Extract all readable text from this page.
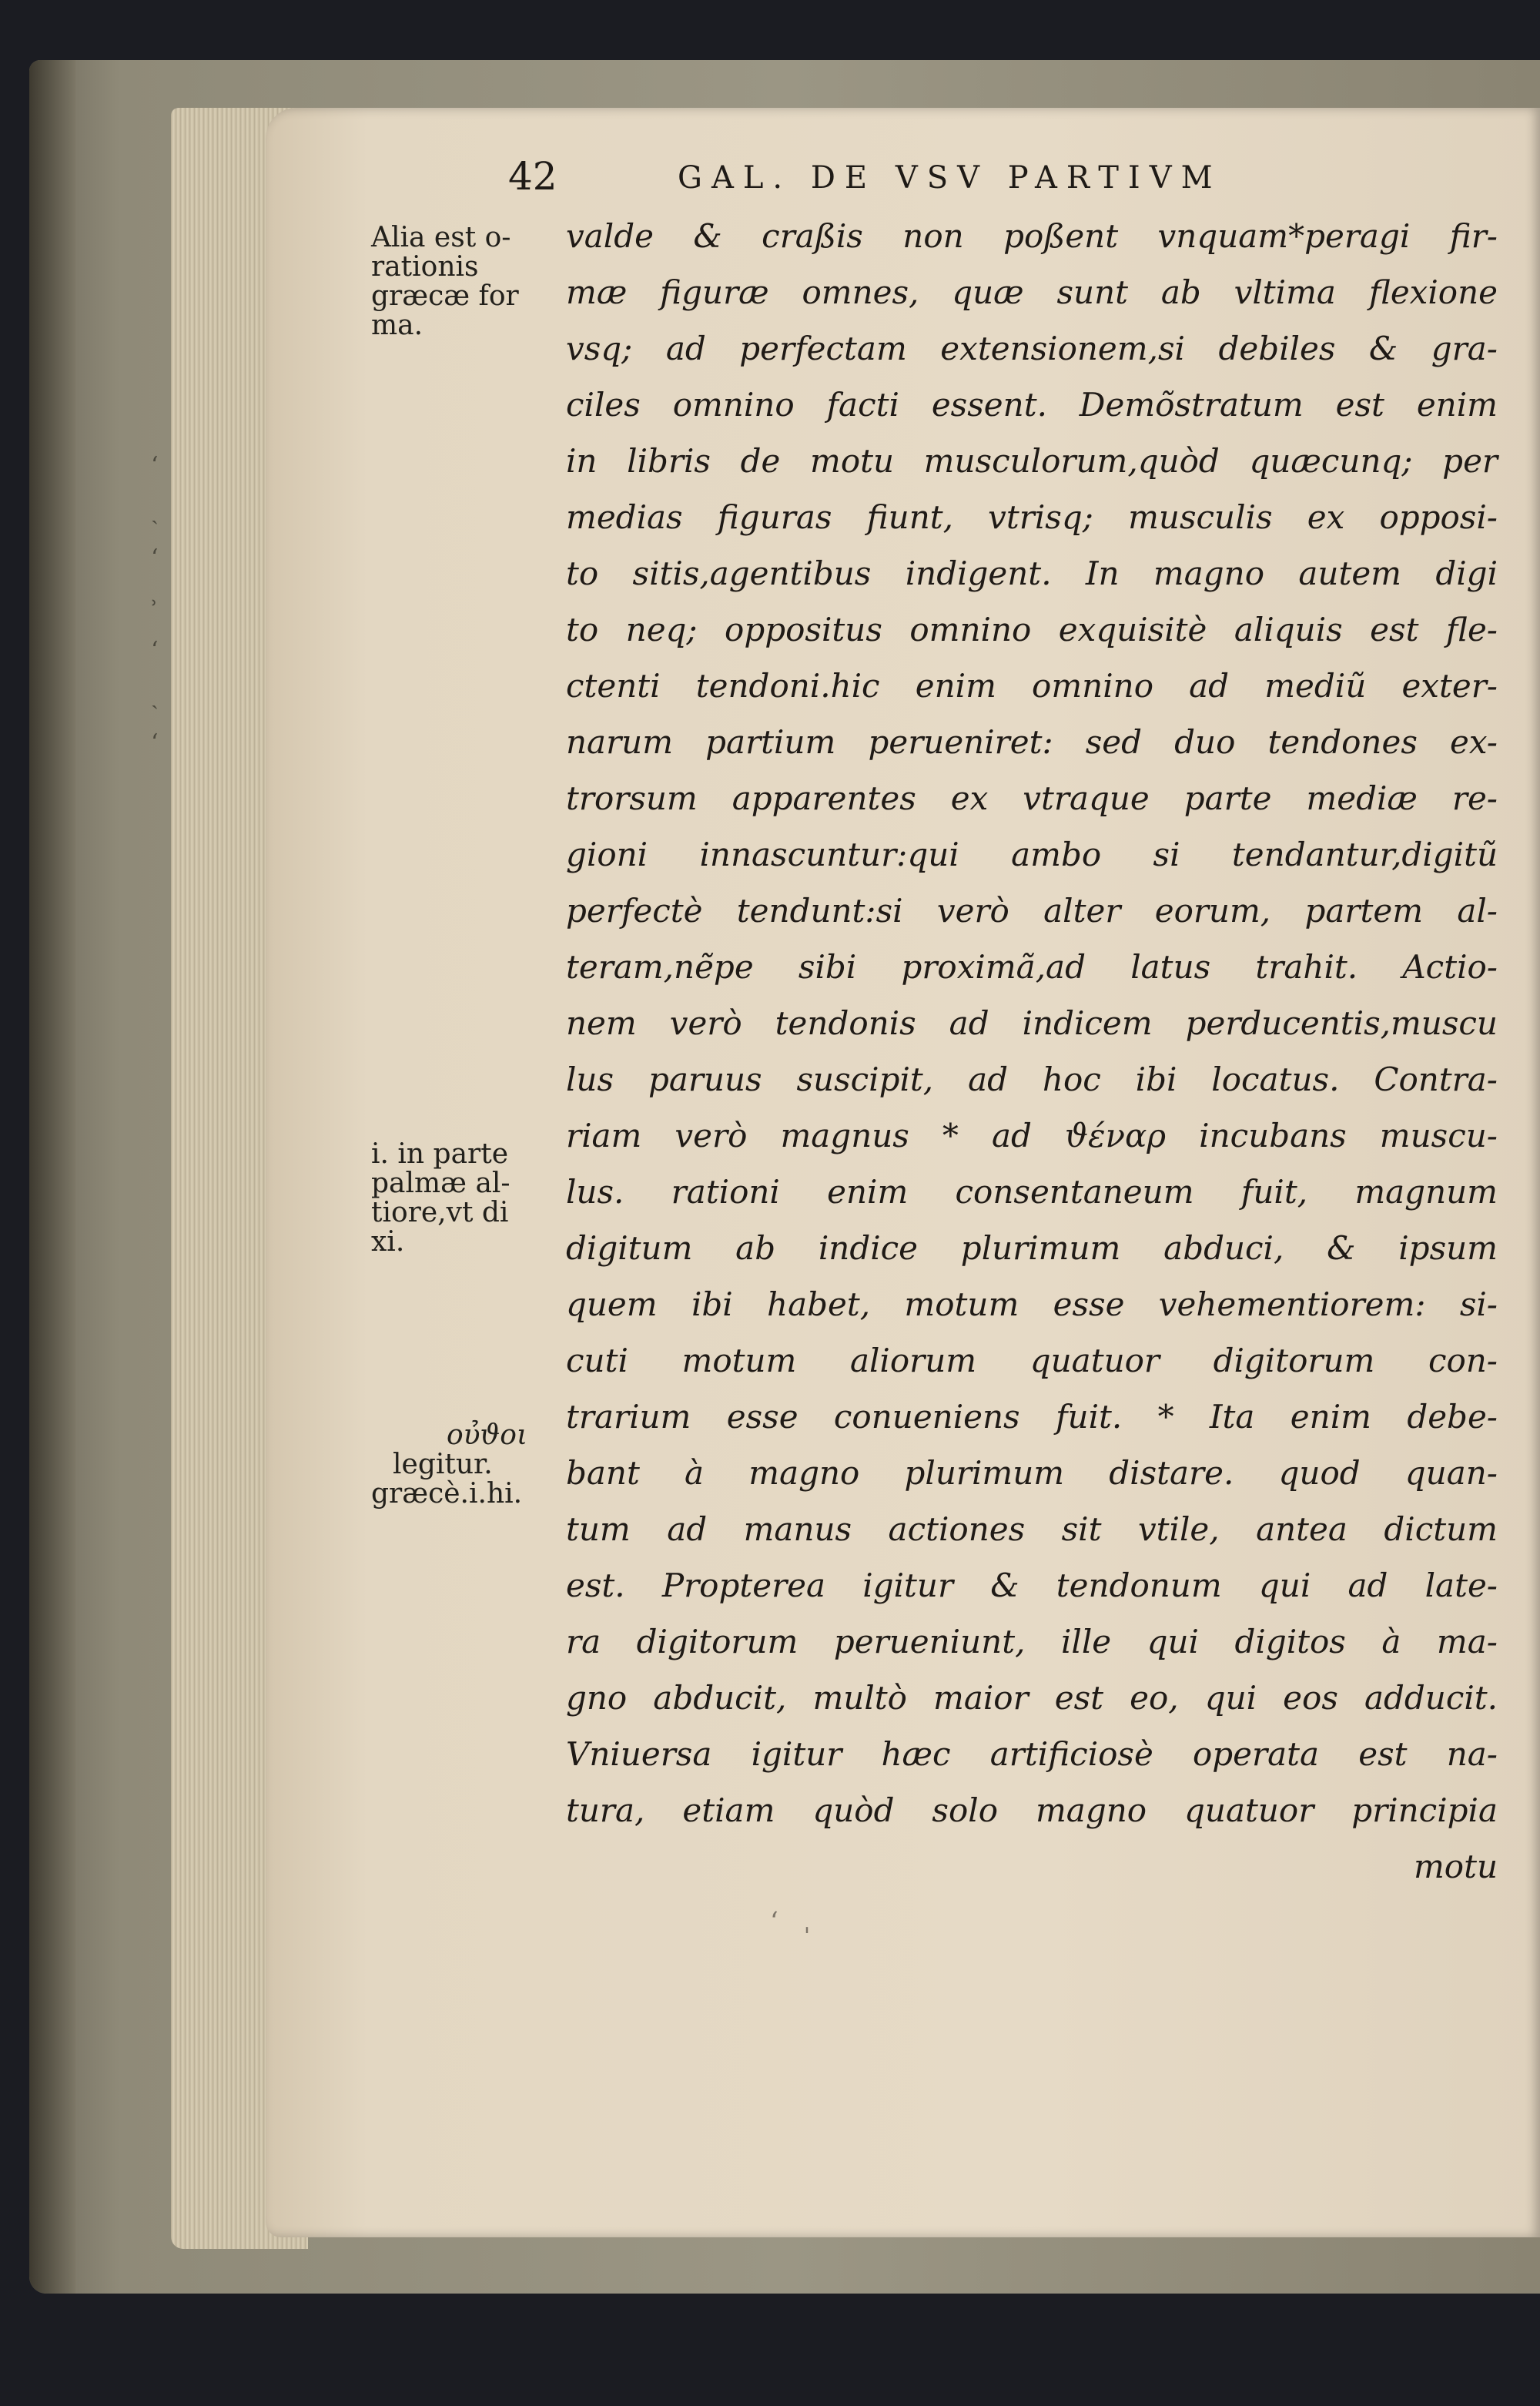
ʻ
ˏ
ʻ
˒
ʻ
ˏ
ʻ
42	GAL. DE VSV PARTIVM
Alia est o-
rationis
græcæ for
ma.
i. in parte
palmæ al-
tiore,vt di
xi.
ου̉ϑοι
legitur.
græcè.i.hi.
valde & craßis non poßent vnquam*peragi fir-
mæ figuræ omnes, quæ sunt ab vltima flexione
vsq; ad perfectam extensionem,si debiles & gra-
ciles omnino facti essent. Demõstratum est enim
in libris de motu musculorum,quòd quæcunq; per
medias figuras fiunt, vtrisq; musculis ex opposi-
to sitis,agentibus indigent. In magno autem digi
to neq; oppositus omnino exquisitè aliquis est fle-
ctenti tendoni.hic enim omnino ad mediũ exter-
narum partium perueniret: sed duo tendones ex-
trorsum apparentes ex vtraque parte mediæ re-
gioni innascuntur:qui ambo si tendantur,digitũ
perfectè tendunt:si verò alter eorum, partem al-
teram,nẽpe sibi proximã,ad latus trahit. Actio-
nem verò tendonis ad indicem perducentis,muscu
lus paruus suscipit, ad hoc ibi locatus. Contra-
riam verò magnus * ad ϑέναρ incubans muscu-
lus. rationi enim consentaneum fuit, magnum
digitum ab indice plurimum abduci, & ipsum
quem ibi habet, motum esse vehementiorem: si-
cuti motum aliorum quatuor digitorum con-
trarium esse conueniens fuit. * Ita enim debe-
bant à magno plurimum distare. quod quan-
tum ad manus actiones sit vtile, antea dictum
est. Propterea igitur & tendonum qui ad late-
ra digitorum perueniunt, ille qui digitos à ma-
gno abducit, multò maior est eo, qui eos adducit.
Vniuersa igitur hæc artificiosè operata est na-
tura, etiam quòd solo magno quatuor principia
motu
ʻ   ˌ
